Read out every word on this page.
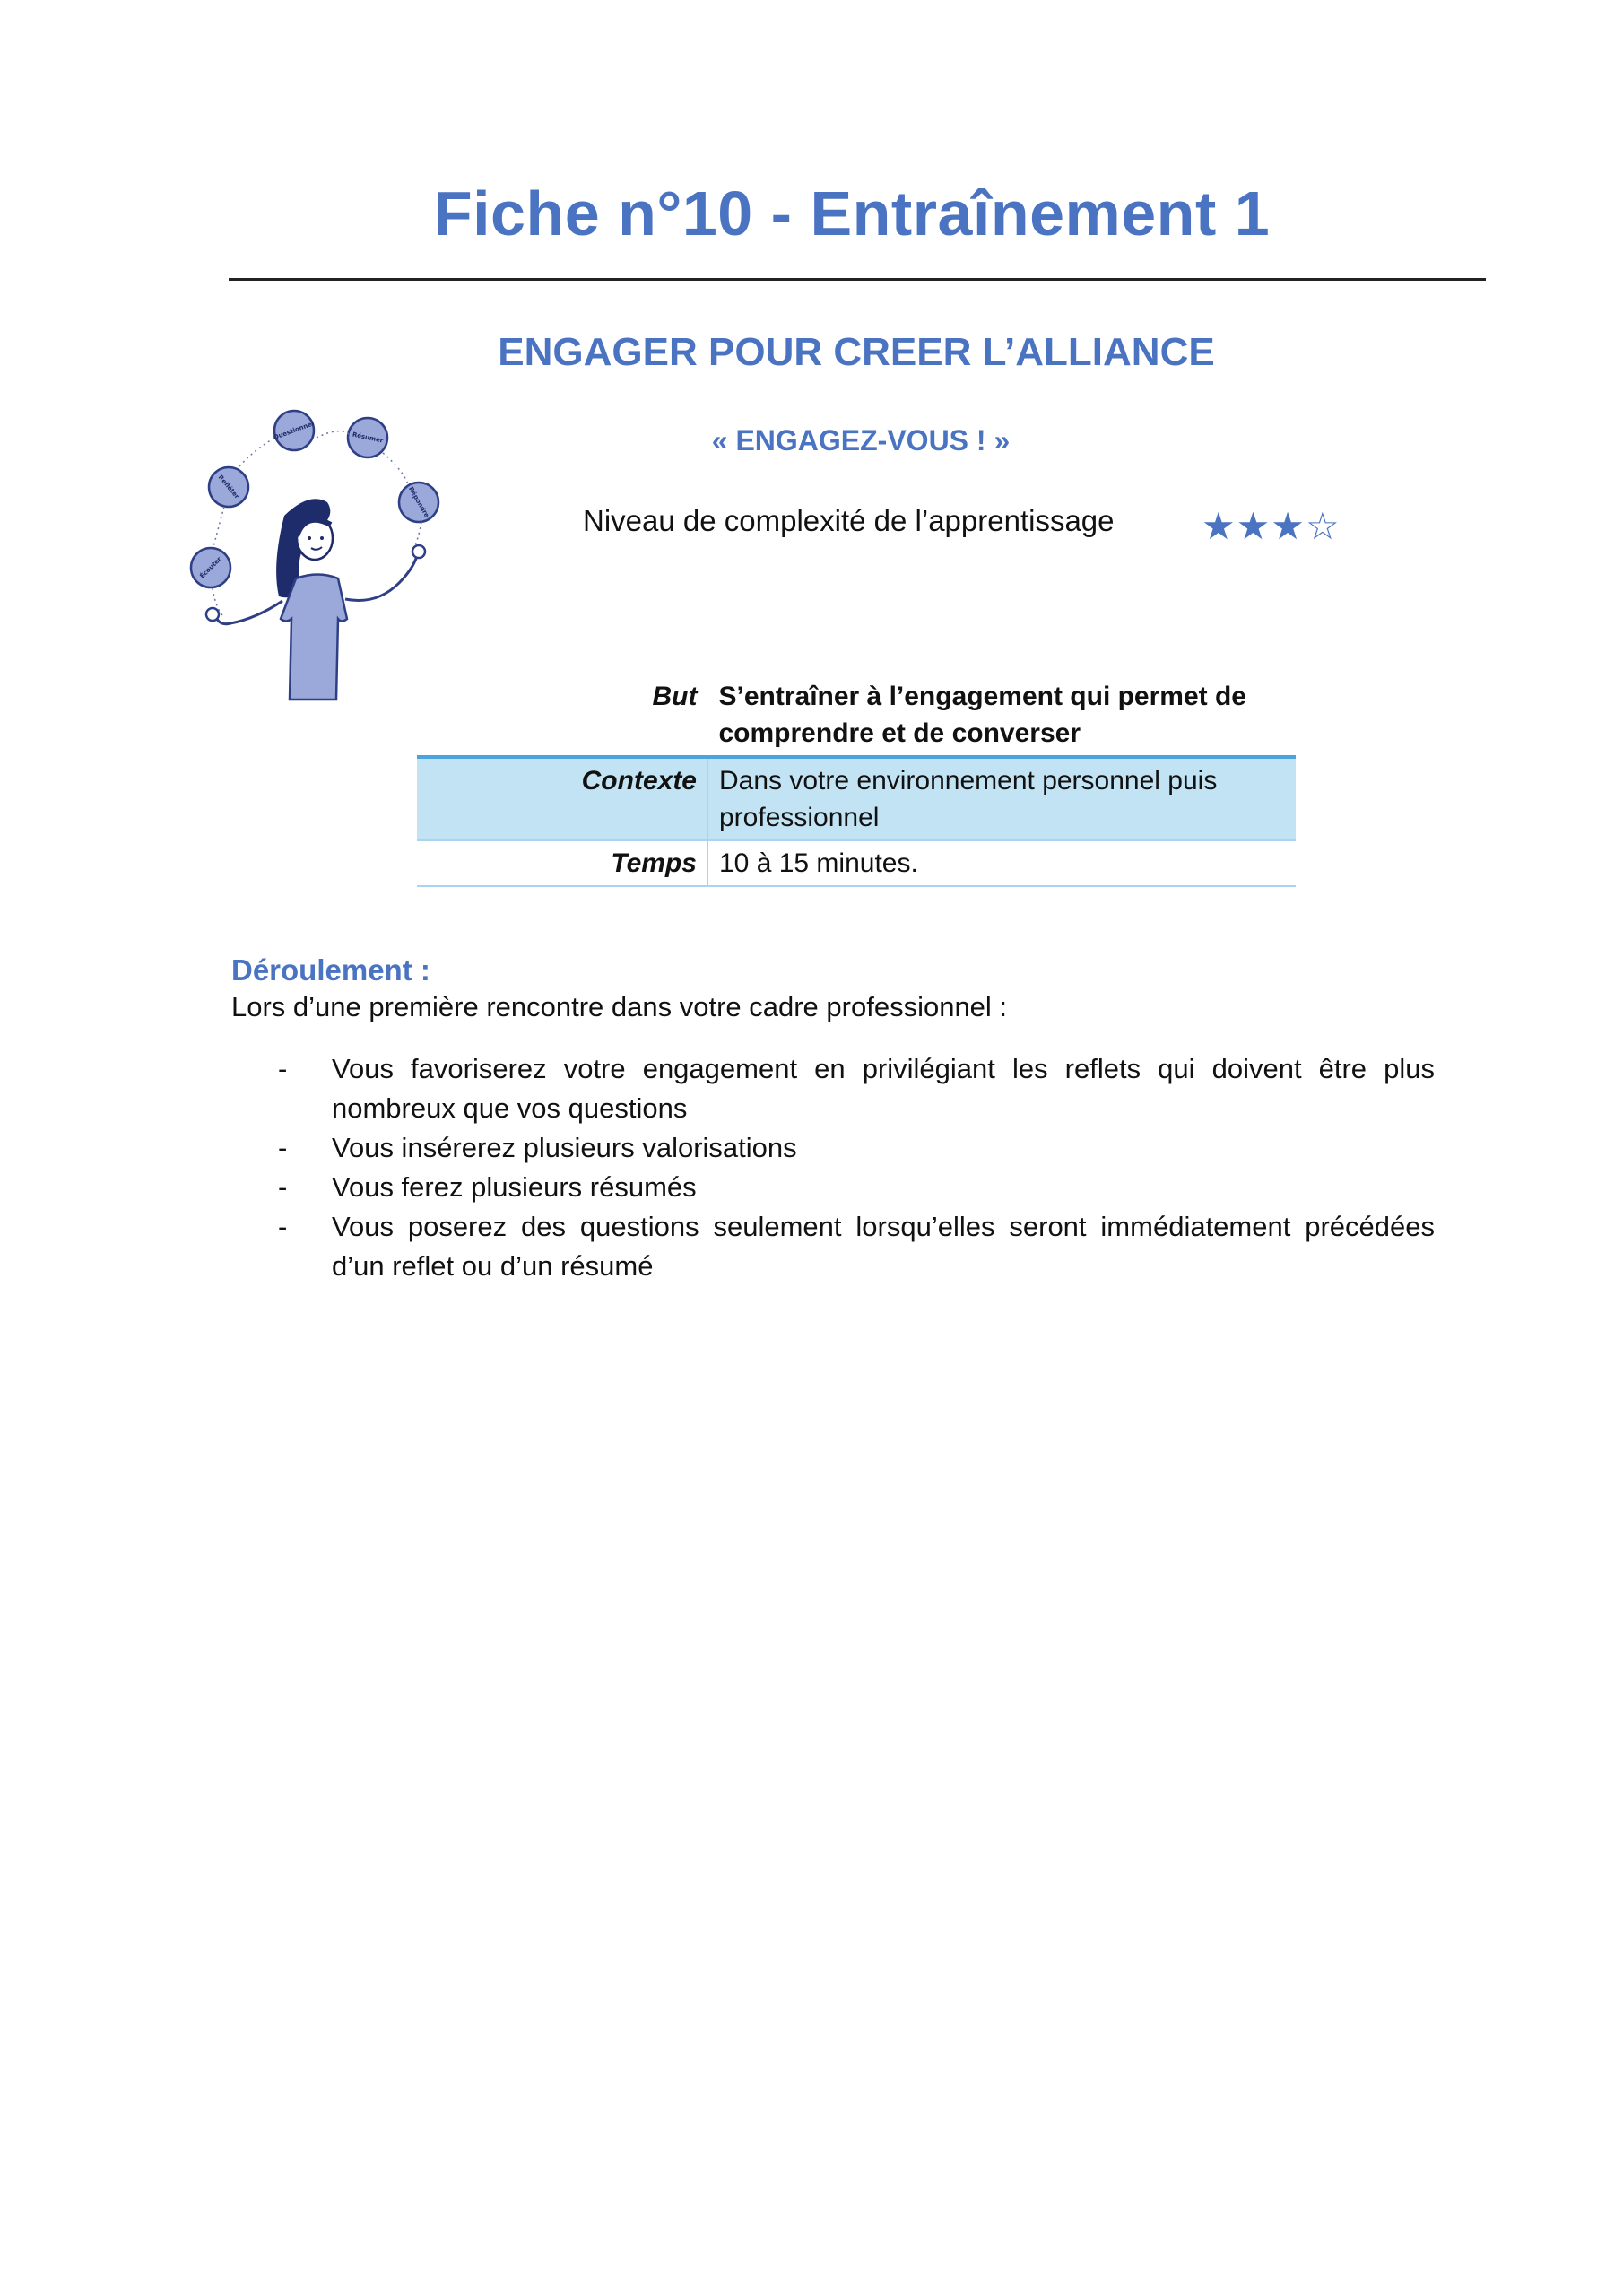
Fiche n°10 - Entraînement 1
ENGAGER POUR CREER L’ALLIANCE
« ENGAGEZ-VOUS ! »
Questionner	Résumer
Refléter	Répondre
Écouter
Niveau de complexité de l’apprentissage ★★★☆
But	S’entraîner à l’engagement qui permet de comprendre et de converser
Contexte	Dans votre environnement personnel puis professionnel
Temps	10 à 15 minutes.
Déroulement :
Lors d’une première rencontre dans votre cadre professionnel :
- Vous favoriserez votre engagement en privilégiant les reflets qui doivent être plus nombreux que vos questions
- Vous insérerez plusieurs valorisations
- Vous ferez plusieurs résumés
- Vous poserez des questions seulement lorsqu’elles seront immédiatement précédées d’un reflet ou d’un résumé
